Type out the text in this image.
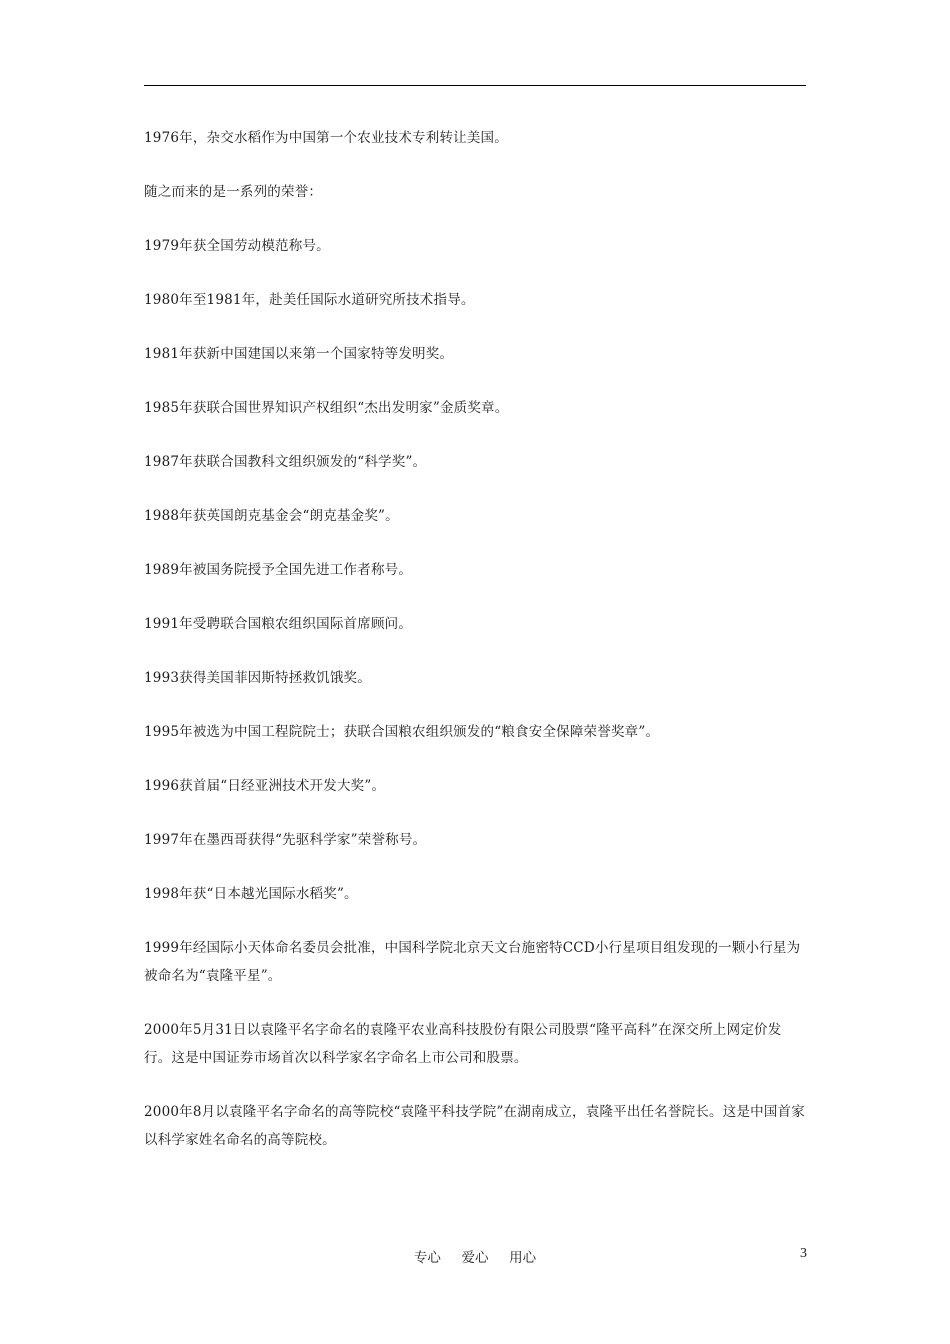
1976年，杂交水稻作为中国第一个农业技术专利转让美国。

随之而来的是一系列的荣誉：

1979年获全国劳动模范称号。

1980年至1981年，赴美任国际水道研究所技术指导。

1981年获新中国建国以来第一个国家特等发明奖。

1985年获联合国世界知识产权组织“杰出发明家”金质奖章。

1987年获联合国教科文组织颁发的“科学奖”。

1988年获英国朗克基金会“朗克基金奖”。

1989年被国务院授予全国先进工作者称号。

1991年受聘联合国粮农组织国际首席顾问。

1993获得美国菲因斯特拯救饥饿奖。

1995年被选为中国工程院院士；获联合国粮农组织颁发的“粮食安全保障荣誉奖章”。

1996获首届“日经亚洲技术开发大奖”。

1997年在墨西哥获得“先驱科学家”荣誉称号。

1998年获“日本越光国际水稻奖”。

1999年经国际小天体命名委员会批准，中国科学院北京天文台施密特CCD小行星项目组发现的一颗小行星为被命名为“袁隆平星”。

2000年5月31日以袁隆平名字命名的袁隆平农业高科技股份有限公司股票“隆平高科”在深交所上网定价发行。这是中国证券市场首次以科学家名字命名上市公司和股票。

2000年8月以袁隆平名字命名的高等院校“袁隆平科技学院”在湖南成立，袁隆平出任名誉院长。这是中国首家以科学家姓名命名的高等院校。

专心  爱心  用心	3
